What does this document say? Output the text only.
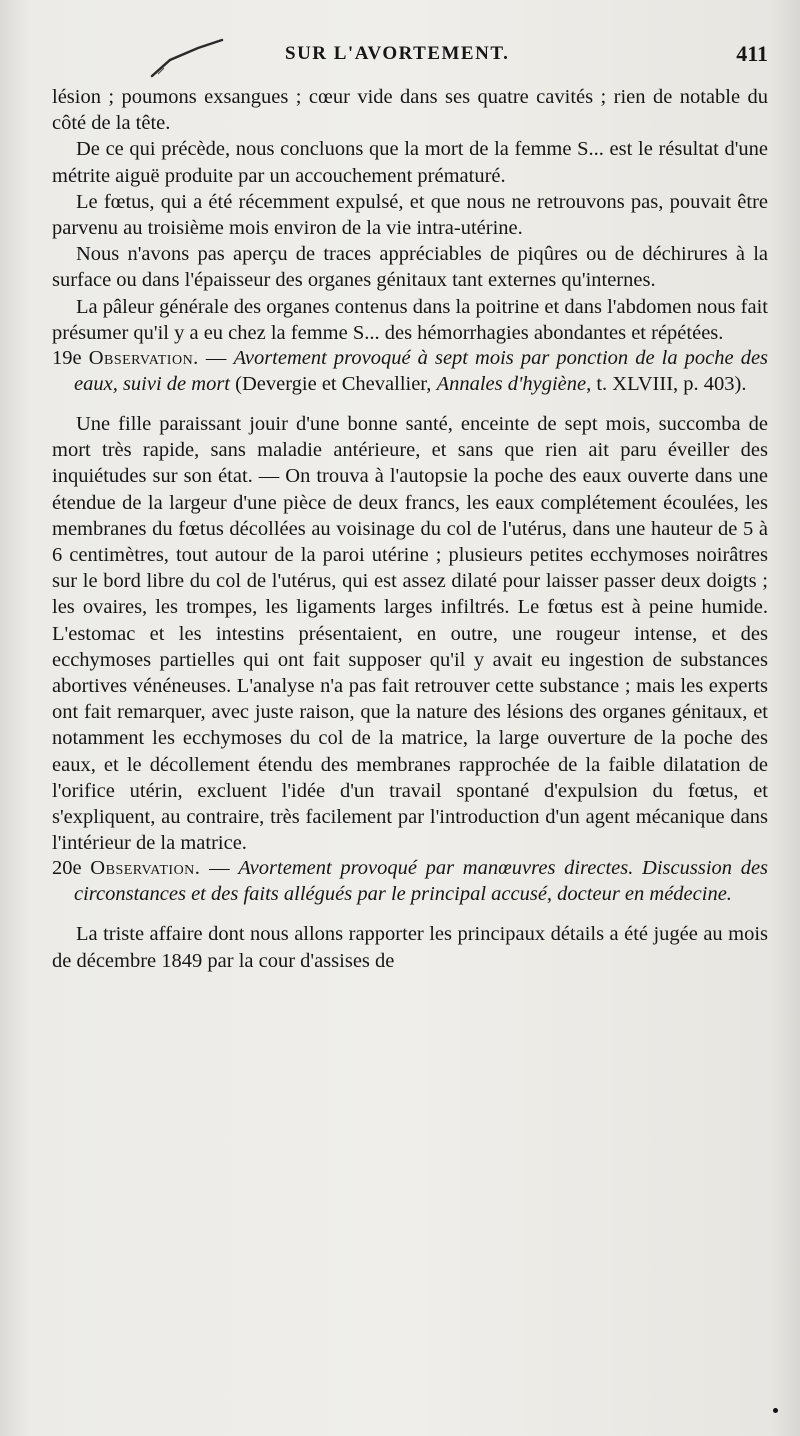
SUR L'AVORTEMENT.	411

lésion ; poumons exsangues ; cœur vide dans ses quatre cavités ; rien de notable du côté de la tête.

De ce qui précède, nous concluons que la mort de la femme S... est le résultat d'une métrite aiguë produite par un accouchement prématuré.

Le fœtus, qui a été récemment expulsé, et que nous ne retrouvons pas, pouvait être parvenu au troisième mois environ de la vie intra-utérine.

Nous n'avons pas aperçu de traces appréciables de piqûres ou de déchirures à la surface ou dans l'épaisseur des organes génitaux tant externes qu'internes.

La pâleur générale des organes contenus dans la poitrine et dans l'abdomen nous fait présumer qu'il y a eu chez la femme S... des hémorrhagies abondantes et répétées.

19e Observation. — Avortement provoqué à sept mois par ponction de la poche des eaux, suivi de mort (Devergie et Chevallier, Annales d'hygiène, t. XLVIII, p. 403).

Une fille paraissant jouir d'une bonne santé, enceinte de sept mois, succomba de mort très rapide, sans maladie antérieure, et sans que rien ait paru éveiller des inquiétudes sur son état. — On trouva à l'autopsie la poche des eaux ouverte dans une étendue de la largeur d'une pièce de deux francs, les eaux complétement écoulées, les membranes du fœtus décollées au voisinage du col de l'utérus, dans une hauteur de 5 à 6 centimètres, tout autour de la paroi utérine ; plusieurs petites ecchymoses noirâtres sur le bord libre du col de l'utérus, qui est assez dilaté pour laisser passer deux doigts ; les ovaires, les trompes, les ligaments larges infiltrés. Le fœtus est à peine humide. L'estomac et les intestins présentaient, en outre, une rougeur intense, et des ecchymoses partielles qui ont fait supposer qu'il y avait eu ingestion de substances abortives vénéneuses. L'analyse n'a pas fait retrouver cette substance ; mais les experts ont fait remarquer, avec juste raison, que la nature des lésions des organes génitaux, et notamment les ecchymoses du col de la matrice, la large ouverture de la poche des eaux, et le décollement étendu des membranes rapprochée de la faible dilatation de l'orifice utérin, excluent l'idée d'un travail spontané d'expulsion du fœtus, et s'expliquent, au contraire, très facilement par l'introduction d'un agent mécanique dans l'intérieur de la matrice.

20e Observation. — Avortement provoqué par manœuvres directes. Discussion des circonstances et des faits allégués par le principal accusé, docteur en médecine.

La triste affaire dont nous allons rapporter les principaux détails a été jugée au mois de décembre 1849 par la cour d'assises de
